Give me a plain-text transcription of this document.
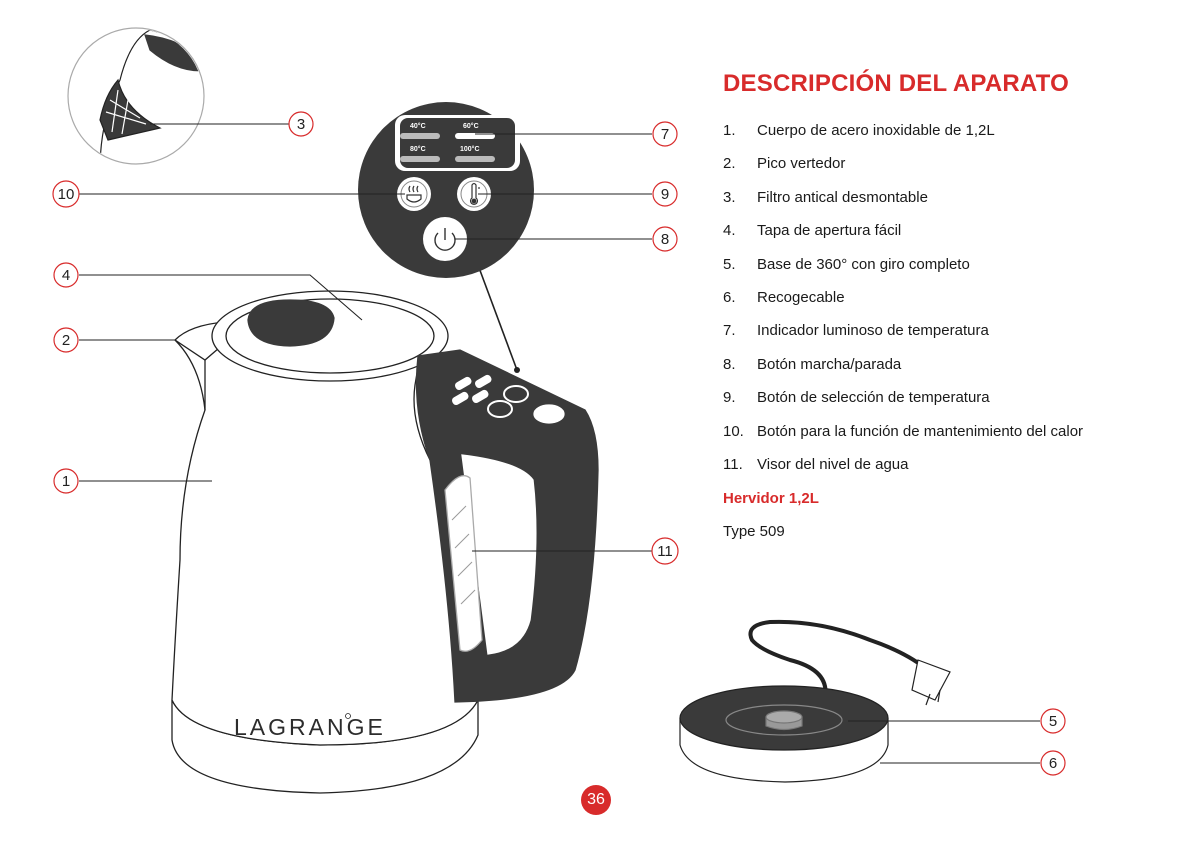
LAGRANGE
40°C	60°C
80°C	100°C
3
7
10	9
8
4
2
1
11
5
6
DESCRIPCIÓN DEL APARATO
1.	Cuerpo de acero inoxidable de 1,2L
2.	Pico vertedor
3.	Filtro antical desmontable
4.	Tapa de apertura fácil
5.	Base de 360° con giro completo
6.	Recogecable
7.	Indicador luminoso de temperatura
8.	Botón marcha/parada
9.	Botón de selección de temperatura
10. Botón para la función de mantenimiento del calor
11. Visor del nivel de agua
Hervidor 1,2L
Type 509
36
